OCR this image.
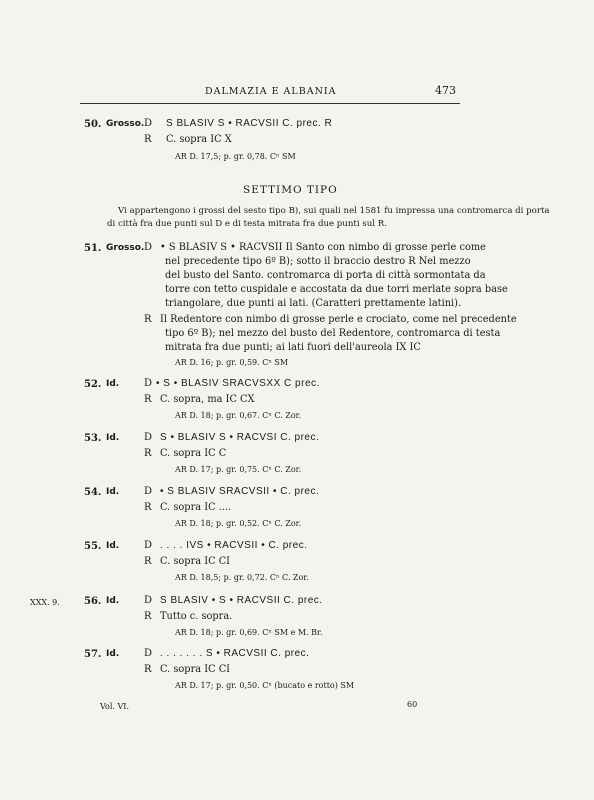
DALMAZIA E ALBANIA	473
50. Grosso. D S BLASIV S • RACVSII C. prec. R
R C. sopra IC X
AR D. 17,5; p. gr. 0,78. Cⁿ SM
SETTIMO TIPO
Vi appartengono i grossi del sesto tipo B), sui quali nel 1581 fu impressa una contromarca di porta
di città fra due punti sul D e di testa mitrata fra due punti sul R.
51. Grosso. D • S BLASIV S • RACVSII Il Santo con nimbo di grosse perle come
nel precedente tipo 6º B); sotto il braccio destro R Nel mezzo
del busto del Santo. contromarca di porta di città sormontata da
torre con tetto cuspidale e accostata da due torri merlate sopra base
triangolare, due punti ai lati. (Caratteri prettamente latini).
R Il Redentore con nimbo di grosse perle e crociato, come nel precedente
tipo 6º B); nel mezzo del busto del Redentore, contromarca di testa
mitrata fra due punti; ai lati fuori dell'aureola IX IC
AR D. 16; p. gr. 0,59. Cⁿ SM
52. Id. D • S • BLASIV SRACVSXX C prec.
R C. sopra, ma IC CX
AR D. 18; p. gr. 0,67. Cⁿ C. Zor.
53. Id. D S • BLASIV S • RACVSI C. prec.
R C. sopra IC C
AR D. 17; p. gr. 0,75. Cⁿ C. Zor.
54. Id. D • S BLASIV SRACVSII • C. prec.
R C. sopra IC ....
AR D. 18; p. gr. 0,52. Cⁿ C. Zor.
55. Id. D . . . . IVS • RACVSII • C. prec.
R C. sopra IC CI
AR D. 18,5; p. gr. 0,72. Cⁿ C. Zor.
XXX. 9. 56. Id. D S BLASIV • S • RACVSII C. prec.
R Tutto c. sopra.
AR D. 18; p. gr. 0,69. Cⁿ SM e M. Br.
57. Id. D . . . . . . . S • RACVSII C. prec.
R C. sopra IC CI
AR D. 17; p. gr. 0,50. Cⁿ (bucato e rotto) SM
Vol. VI.	60
